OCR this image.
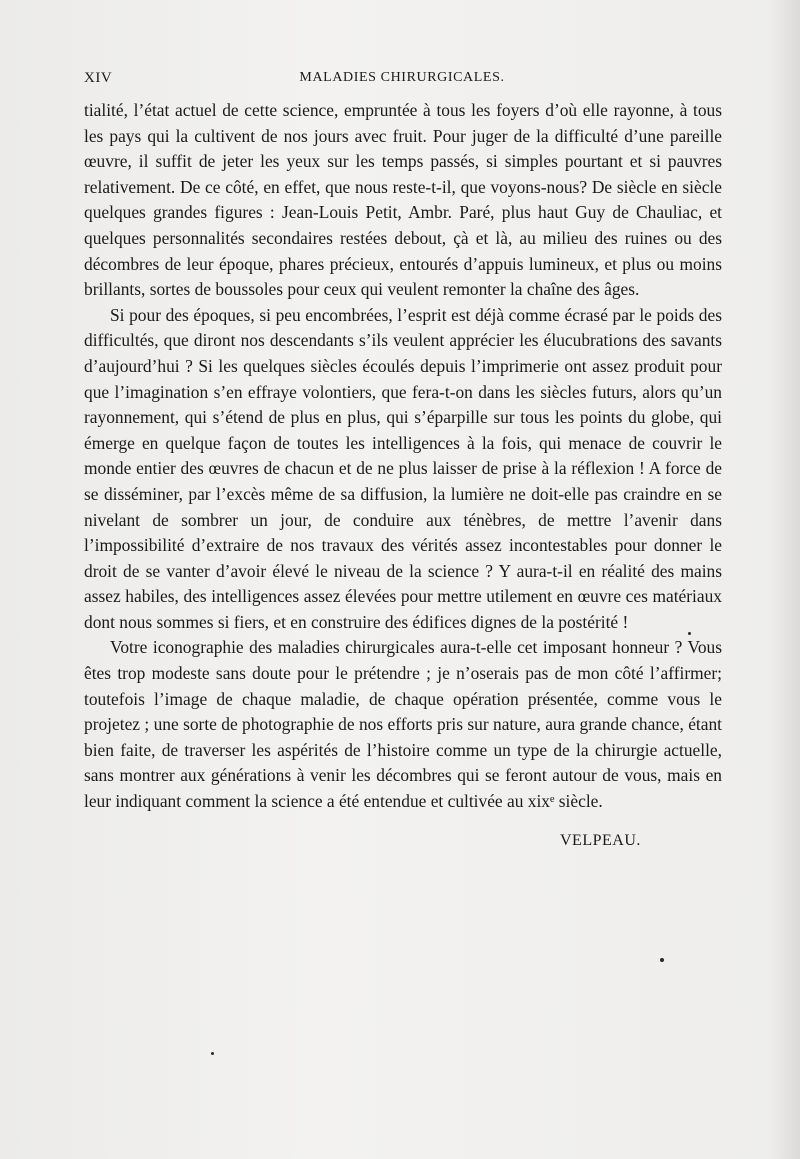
XIV	MALADIES CHIRURGICALES.

tialité, l’état actuel de cette science, empruntée à tous les foyers d’où elle rayonne, à tous les pays qui la cultivent de nos jours avec fruit. Pour juger de la difficulté d’une pareille œuvre, il suffit de jeter les yeux sur les temps passés, si simples pourtant et si pauvres relativement. De ce côté, en effet, que nous reste-t-il, que voyons-nous? De siècle en siècle quelques grandes figures : Jean-Louis Petit, Ambr. Paré, plus haut Guy de Chauliac, et quelques personnalités secondaires restées debout, çà et là, au milieu des ruines ou des décombres de leur époque, phares précieux, entourés d’appuis lumineux, et plus ou moins brillants, sortes de boussoles pour ceux qui veulent remonter la chaîne des âges.

Si pour des époques, si peu encombrées, l’esprit est déjà comme écrasé par le poids des difficultés, que diront nos descendants s’ils veulent apprécier les élucubrations des savants d’aujourd’hui ? Si les quelques siècles écoulés depuis l’imprimerie ont assez produit pour que l’imagination s’en effraye volontiers, que fera-t-on dans les siècles futurs, alors qu’un rayonnement, qui s’étend de plus en plus, qui s’éparpille sur tous les points du globe, qui émerge en quelque façon de toutes les intelligences à la fois, qui menace de couvrir le monde entier des œuvres de chacun et de ne plus laisser de prise à la réflexion ! A force de se disséminer, par l’excès même de sa diffusion, la lumière ne doit-elle pas craindre en se nivelant de sombrer un jour, de conduire aux ténèbres, de mettre l’avenir dans l’impossibilité d’extraire de nos travaux des vérités assez incontestables pour donner le droit de se vanter d’avoir élevé le niveau de la science ? Y aura-t-il en réalité des mains assez habiles, des intelligences assez élevées pour mettre utilement en œuvre ces matériaux dont nous sommes si fiers, et en construire des édifices dignes de la postérité !

Votre iconographie des maladies chirurgicales aura-t-elle cet imposant honneur ? Vous êtes trop modeste sans doute pour le prétendre ; je n’oserais pas de mon côté l’affirmer; toutefois l’image de chaque maladie, de chaque opération présentée, comme vous le projetez ; une sorte de photographie de nos efforts pris sur nature, aura grande chance, étant bien faite, de traverser les aspérités de l’histoire comme un type de la chirurgie actuelle, sans montrer aux générations à venir les décombres qui se feront autour de vous, mais en leur indiquant comment la science a été entendue et cultivée au xixᵉ siècle.

VELPEAU.
